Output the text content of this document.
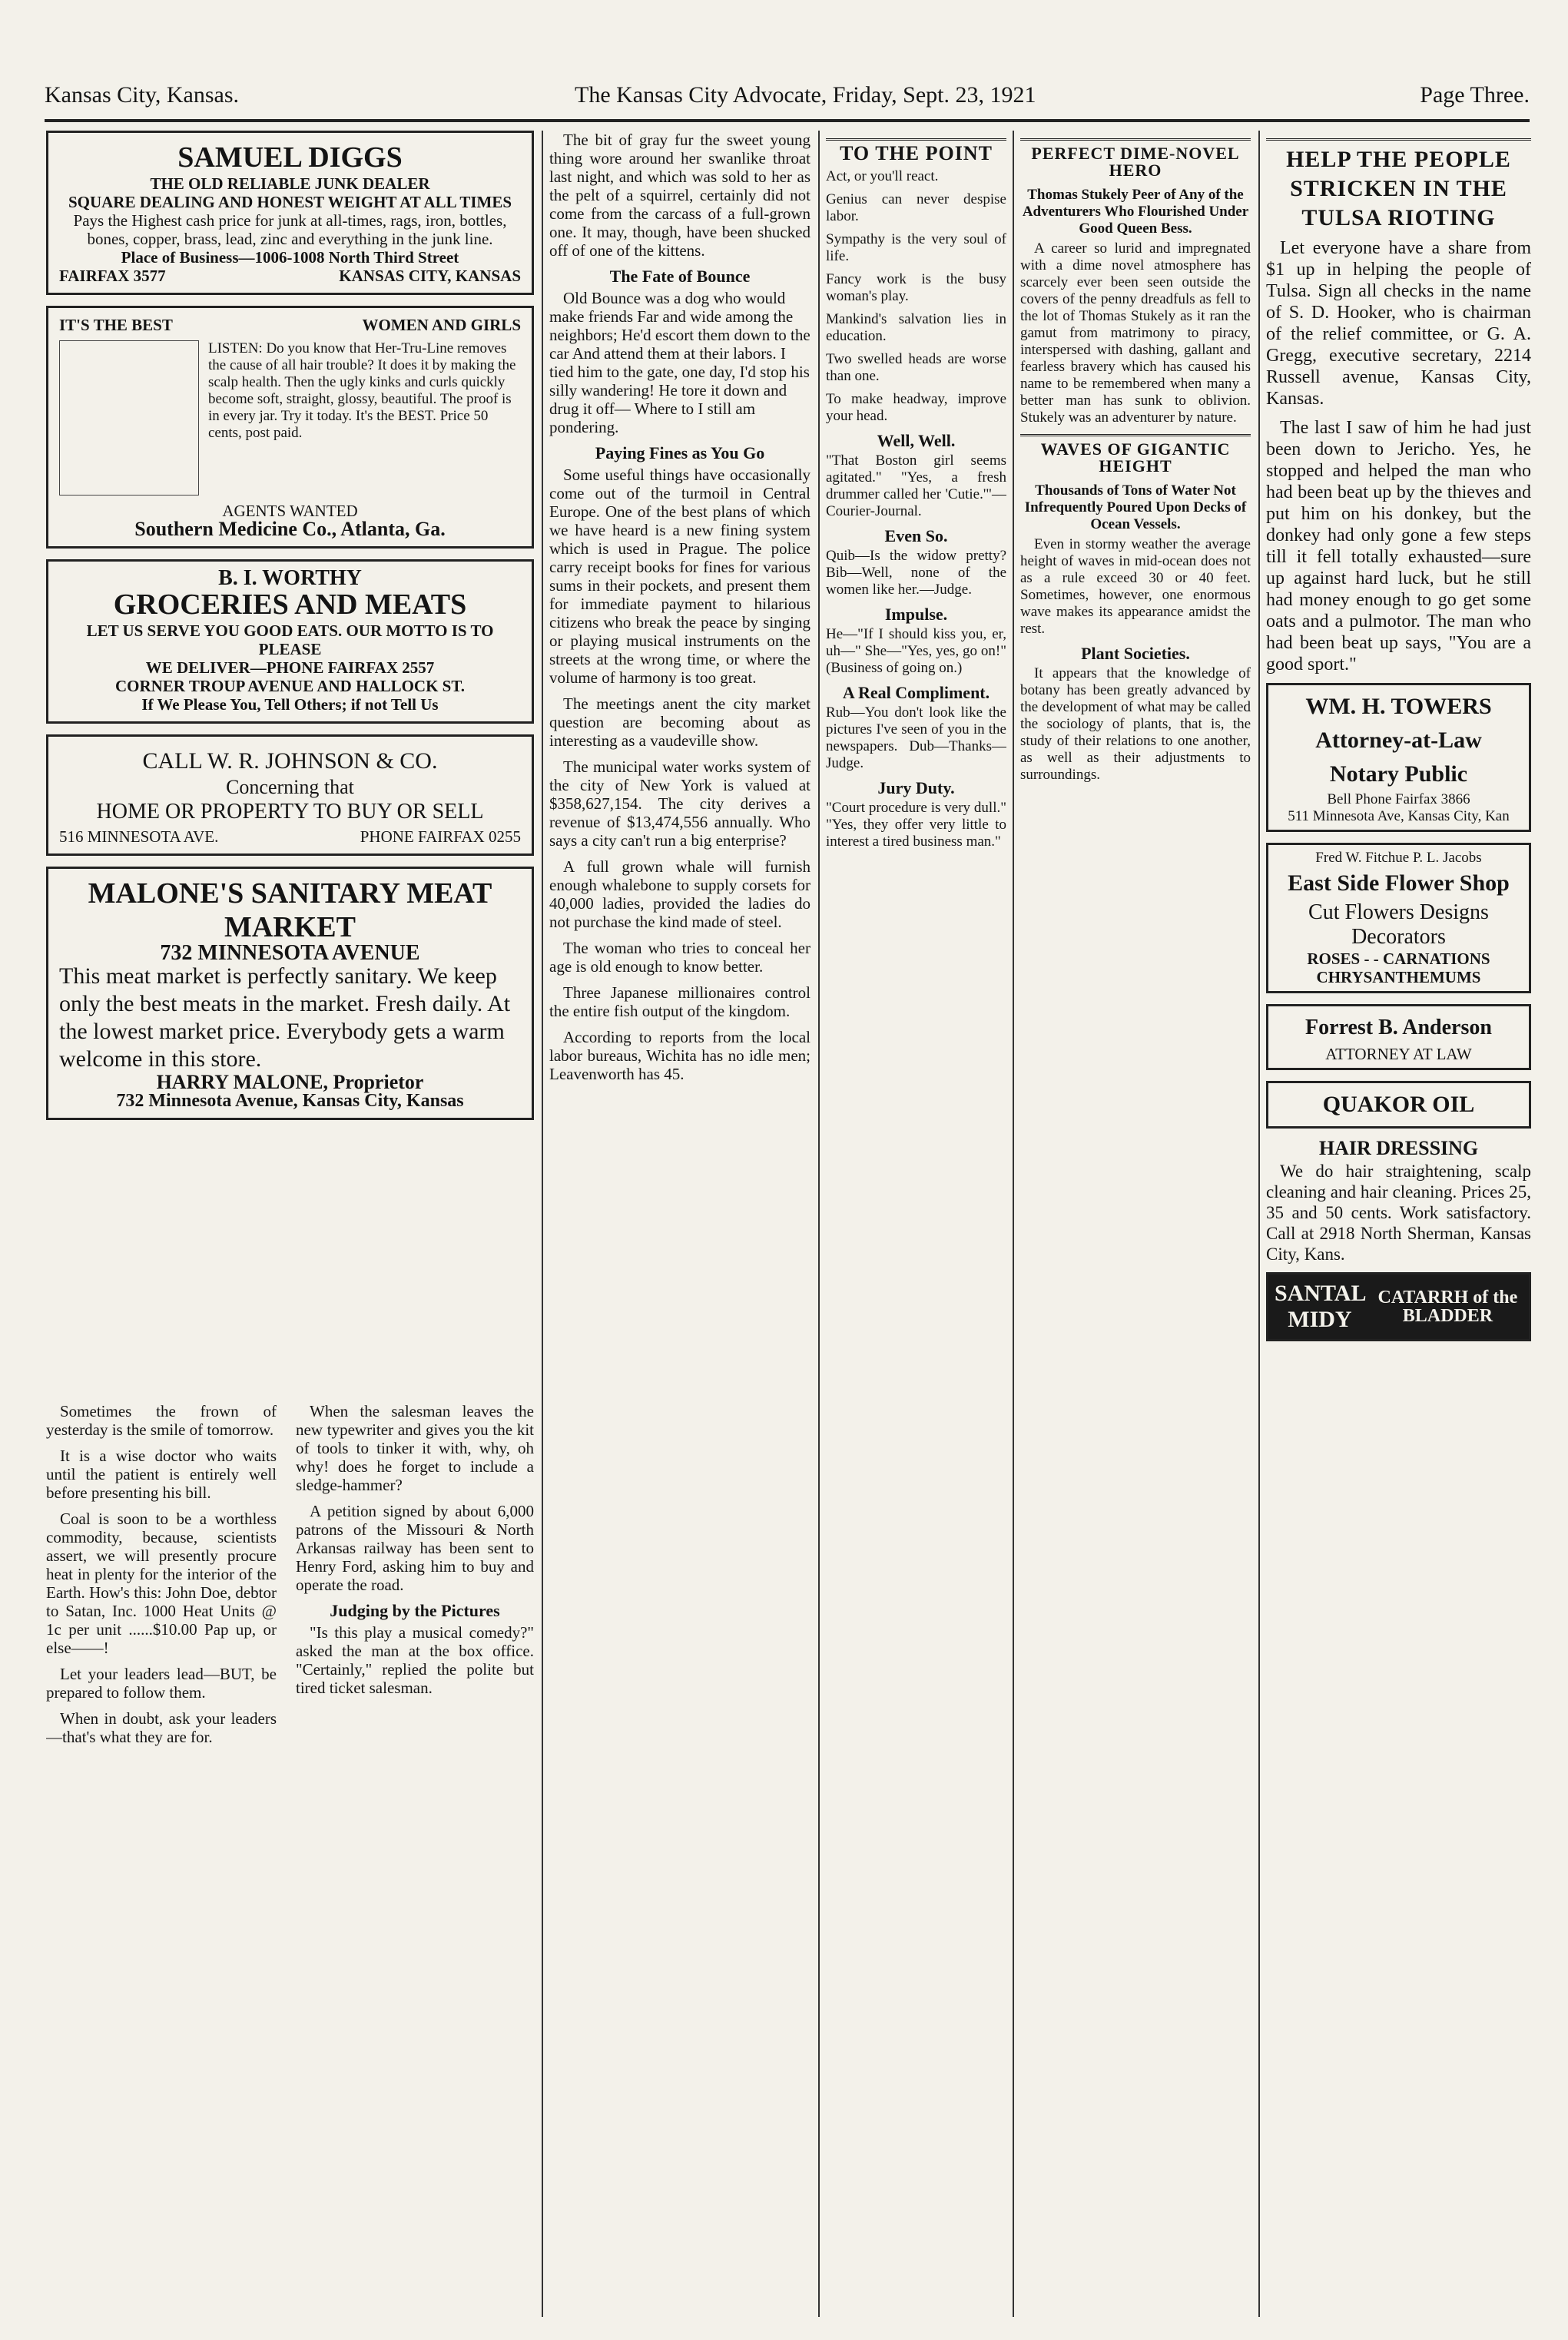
Kansas City, Kansas.	The Kansas City Advocate, Friday, Sept. 23, 1921	Page Three.
SAMUEL DIGGS
THE OLD RELIABLE JUNK DEALER
SQUARE DEALING AND HONEST WEIGHT AT ALL TIMES
Pays the Highest cash price for junk at all-times, rags, iron, bottles, bones, copper, brass, lead, zinc and everything in the junk line.
Place of Business—1006-1008 North Third Street
FAIRFAX 3577	KANSAS CITY, KANSAS
IT'S THE BEST	WOMEN AND GIRLS
LISTEN: Do you know that Her-Tru-Line removes the cause of all hair trouble? It does it by making the scalp health. Then the ugly kinks and curls quickly become soft, straight, glossy, beautiful. The proof is in every jar. Try it today. It's the BEST. Price 50 cents, post paid.
AGENTS WANTED
Southern Medicine Co., Atlanta, Ga.
B. I. WORTHY
GROCERIES AND MEATS
LET US SERVE YOU GOOD EATS. OUR MOTTO IS TO PLEASE
WE DELIVER—PHONE FAIRFAX 2557
CORNER TROUP AVENUE AND HALLOCK ST.
If We Please You, Tell Others; if not Tell Us
CALL W. R. JOHNSON & CO.
Concerning that
HOME OR PROPERTY TO BUY OR SELL
516 MINNESOTA AVE.	PHONE FAIRFAX 0255
MALONE'S SANITARY MEAT MARKET
732 MINNESOTA AVENUE
This meat market is perfectly sanitary. We keep only the best meats in the market. Fresh daily. At the lowest market price. Everybody gets a warm welcome in this store.
HARRY MALONE, Proprietor
732 Minnesota Avenue, Kansas City, Kansas

Sometimes the frown of yesterday is the smile of tomorrow.

It is a wise doctor who waits until the patient is entirely well before presenting his bill.

Coal is soon to be a worthless commodity, because, scientists assert, we will presently procure heat in plenty for the interior of the Earth. How's this: John Doe, debtor to Satan, Inc. 1000 Heat Units @ 1c per unit ......$10.00 Pap up, or else——!

Let your leaders lead—BUT, be prepared to follow them.

When in doubt, ask your leaders—that's what they are for.

When the salesman leaves the new typewriter and gives you the kit of tools to tinker it with, why, oh why! does he forget to include a sledge-hammer?

A petition signed by about 6,000 patrons of the Missouri & North Arkansas railway has been sent to Henry Ford, asking him to buy and operate the road.

Judging by the Pictures

"Is this play a musical comedy?" asked the man at the box office. "Certainly," replied the polite but tired ticket salesman.

The bit of gray fur the sweet young thing wore around her swanlike throat last night, and which was sold to her as the pelt of a squirrel, certainly did not come from the carcass of a full-grown one. It may, though, have been shucked off of one of the kittens.

The Fate of Bounce

Old Bounce was a dog who would make friends Far and wide among the neighbors; He'd escort them down to the car And attend them at their labors. I tied him to the gate, one day, I'd stop his silly wandering! He tore it down and drug it off— Where to I still am pondering.

Paying Fines as You Go

Some useful things have occasionally come out of the turmoil in Central Europe. One of the best plans of which we have heard is a new fining system which is used in Prague. The police carry receipt books for fines for various sums in their pockets, and present them for immediate payment to hilarious citizens who break the peace by singing or playing musical instruments on the streets at the wrong time, or where the volume of harmony is too great.

The meetings anent the city market question are becoming about as interesting as a vaudeville show.

The municipal water works system of the city of New York is valued at $358,627,154. The city derives a revenue of $13,474,556 annually. Who says a city can't run a big enterprise?

A full grown whale will furnish enough whalebone to supply corsets for 40,000 ladies, provided the ladies do not purchase the kind made of steel.

The woman who tries to conceal her age is old enough to know better.

Three Japanese millionaires control the entire fish output of the kingdom.

According to reports from the local labor bureaus, Wichita has no idle men; Leavenworth has 45.

TO THE POINT
Act, or you'll react.
Genius can never despise labor.
Sympathy is the very soul of life.
Fancy work is the busy woman's play.
Mankind's salvation lies in education.
Two swelled heads are worse than one.
To make headway, improve your head.
Well, Well.
"That Boston girl seems agitated." "Yes, a fresh drummer called her 'Cutie.'"—Courier-Journal.
Even So.
Quib—Is the widow pretty? Bib—Well, none of the women like her.—Judge.
Impulse.
He—"If I should kiss you, er, uh—" She—"Yes, yes, go on!" (Business of going on.)
A Real Compliment.
Rub—You don't look like the pictures I've seen of you in the newspapers. Dub—Thanks—Judge.
Jury Duty.
"Court procedure is very dull." "Yes, they offer very little to interest a tired business man."
PERFECT DIME-NOVEL HERO
Thomas Stukely Peer of Any of the Adventurers Who Flourished Under Good Queen Bess.

A career so lurid and impregnated with a dime novel atmosphere has scarcely ever been seen outside the covers of the penny dreadfuls as fell to the lot of Thomas Stukely as it ran the gamut from matrimony to piracy, interspersed with dashing, gallant and fearless bravery which has caused his name to be remembered when many a better man has sunk to oblivion. Stukely was an adventurer by nature.

WAVES OF GIGANTIC HEIGHT
Thousands of Tons of Water Not Infrequently Poured Upon Decks of Ocean Vessels.

Even in stormy weather the average height of waves in mid-ocean does not as a rule exceed 30 or 40 feet. Sometimes, however, one enormous wave makes its appearance amidst the rest.

Plant Societies.

It appears that the knowledge of botany has been greatly advanced by the development of what may be called the sociology of plants, that is, the study of their relations to one another, as well as their adjustments to surroundings.

HELP THE PEOPLE STRICKEN IN THE TULSA RIOTING

Let everyone have a share from $1 up in helping the people of Tulsa. Sign all checks in the name of S. D. Hooker, who is chairman of the relief committee, or G. A. Gregg, executive secretary, 2214 Russell avenue, Kansas City, Kansas.

The last I saw of him he had just been down to Jericho. Yes, he stopped and helped the man who had been beat up by the thieves and put him on his donkey, but the donkey had only gone a few steps till it fell totally exhausted—sure up against hard luck, but he still had money enough to go get some oats and a pulmotor. The man who had been beat up says, "You are a good sport."

WM. H. TOWERS
Attorney-at-Law
Notary Public
Bell Phone Fairfax 3866
511 Minnesota Ave, Kansas City, Kan
Fred W. Fitchue P. L. Jacobs
East Side Flower Shop
Cut Flowers Designs Decorators
ROSES - - CARNATIONS
CHRYSANTHEMUMS
Forrest B. Anderson
ATTORNEY AT LAW
QUAKOR OIL
HAIR DRESSING

We do hair straightening, scalp cleaning and hair cleaning. Prices 25, 35 and 50 cents. Work satisfactory. Call at 2918 North Sherman, Kansas City, Kans.

SANTAL MIDY
CATARRH of the BLADDER
